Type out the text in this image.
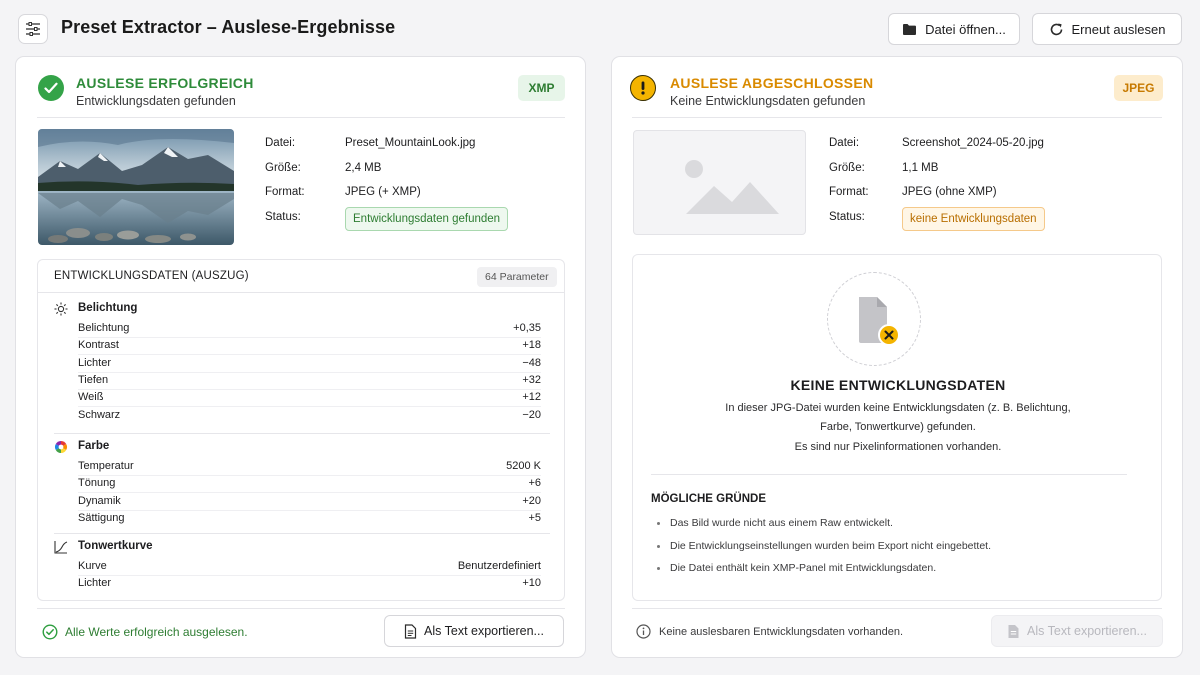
Preset Extractor – Auslese-Ergebnisse	Datei öffnen...	Erneut auslesen
AUSLESE ERFOLGREICH
Entwicklungsdaten gefunden
XMP
Datei:	Preset_MountainLook.jpg
Größe:	2,4 MB
Format:	JPEG (+ XMP)
Status:	Entwicklungsdaten gefunden
ENTWICKLUNGSDATEN (AUSZUG)	64 Parameter
Belichtung
Belichtung	+0,35
Kontrast	+18
Lichter	−48
Tiefen	+32
Weiß	+12
Schwarz	−20
Farbe
Temperatur	5200 K
Tönung	+6
Dynamik	+20
Sättigung	+5
Tonwertkurve
Kurve	Benutzerdefiniert
Lichter	+10
Alle Werte erfolgreich ausgelesen.	Als Text exportieren...
AUSLESE ABGESCHLOSSEN
Keine Entwicklungsdaten gefunden
JPEG
Datei:	Screenshot_2024-05-20.jpg
Größe:	1,1 MB
Format:	JPEG (ohne XMP)
Status:	keine Entwicklungsdaten
KEINE ENTWICKLUNGSDATEN
In dieser JPG-Datei wurden keine Entwicklungsdaten (z. B. Belichtung,
Farbe, Tonwertkurve) gefunden.
Es sind nur Pixelinformationen vorhanden.
MÖGLICHE GRÜNDE
Das Bild wurde nicht aus einem Raw entwickelt.
Die Entwicklungseinstellungen wurden beim Export nicht eingebettet.
Die Datei enthält kein XMP-Panel mit Entwicklungsdaten.
Keine auslesbaren Entwicklungsdaten vorhanden.	Als Text exportieren...
